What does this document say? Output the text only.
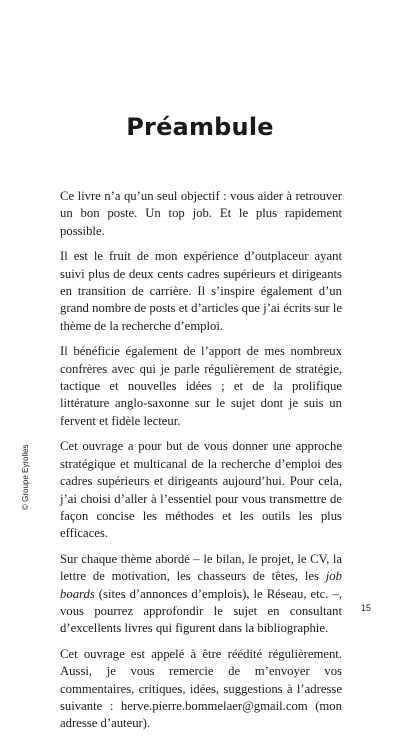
Préambule

Ce livre n’a qu’un seul objectif : vous aider à retrouver un bon poste. Un top job. Et le plus rapidement possible.

Il est le fruit de mon expérience d’outplaceur ayant suivi plus de deux cents cadres supérieurs et dirigeants en transition de carrière. Il s’inspire également d’un grand nombre de posts et d’articles que j’ai écrits sur le thème de la recherche d’emploi.

Il bénéficie également de l’apport de mes nombreux confrères avec qui je parle régulièrement de stratégie, tactique et nouvelles idées ; et de la prolifique littérature anglo-saxonne sur le sujet dont je suis un fervent et fidèle lecteur.

Cet ouvrage a pour but de vous donner une approche stratégique et multicanal de la recherche d’emploi des cadres supérieurs et dirigeants aujourd’hui. Pour cela, j’ai choisi d’aller à l’essentiel pour vous transmettre de façon concise les méthodes et les outils les plus efficaces.

Sur chaque thème abordé – le bilan, le projet, le CV, la lettre de motivation, les chasseurs de têtes, les job boards (sites d’annonces d’emplois), le Réseau, etc. –, vous pourrez approfondir le sujet en consultant d’excellents livres qui figurent dans la bibliographie.

Cet ouvrage est appelé à être réédité régulièrement. Aussi, je vous remercie de m’envoyer vos commentaires, critiques, idées, suggestions à l’adresse suivante : herve.pierre.bommelaer@gmail.com (mon adresse d’auteur).

© Groupe Eyrolles
15
